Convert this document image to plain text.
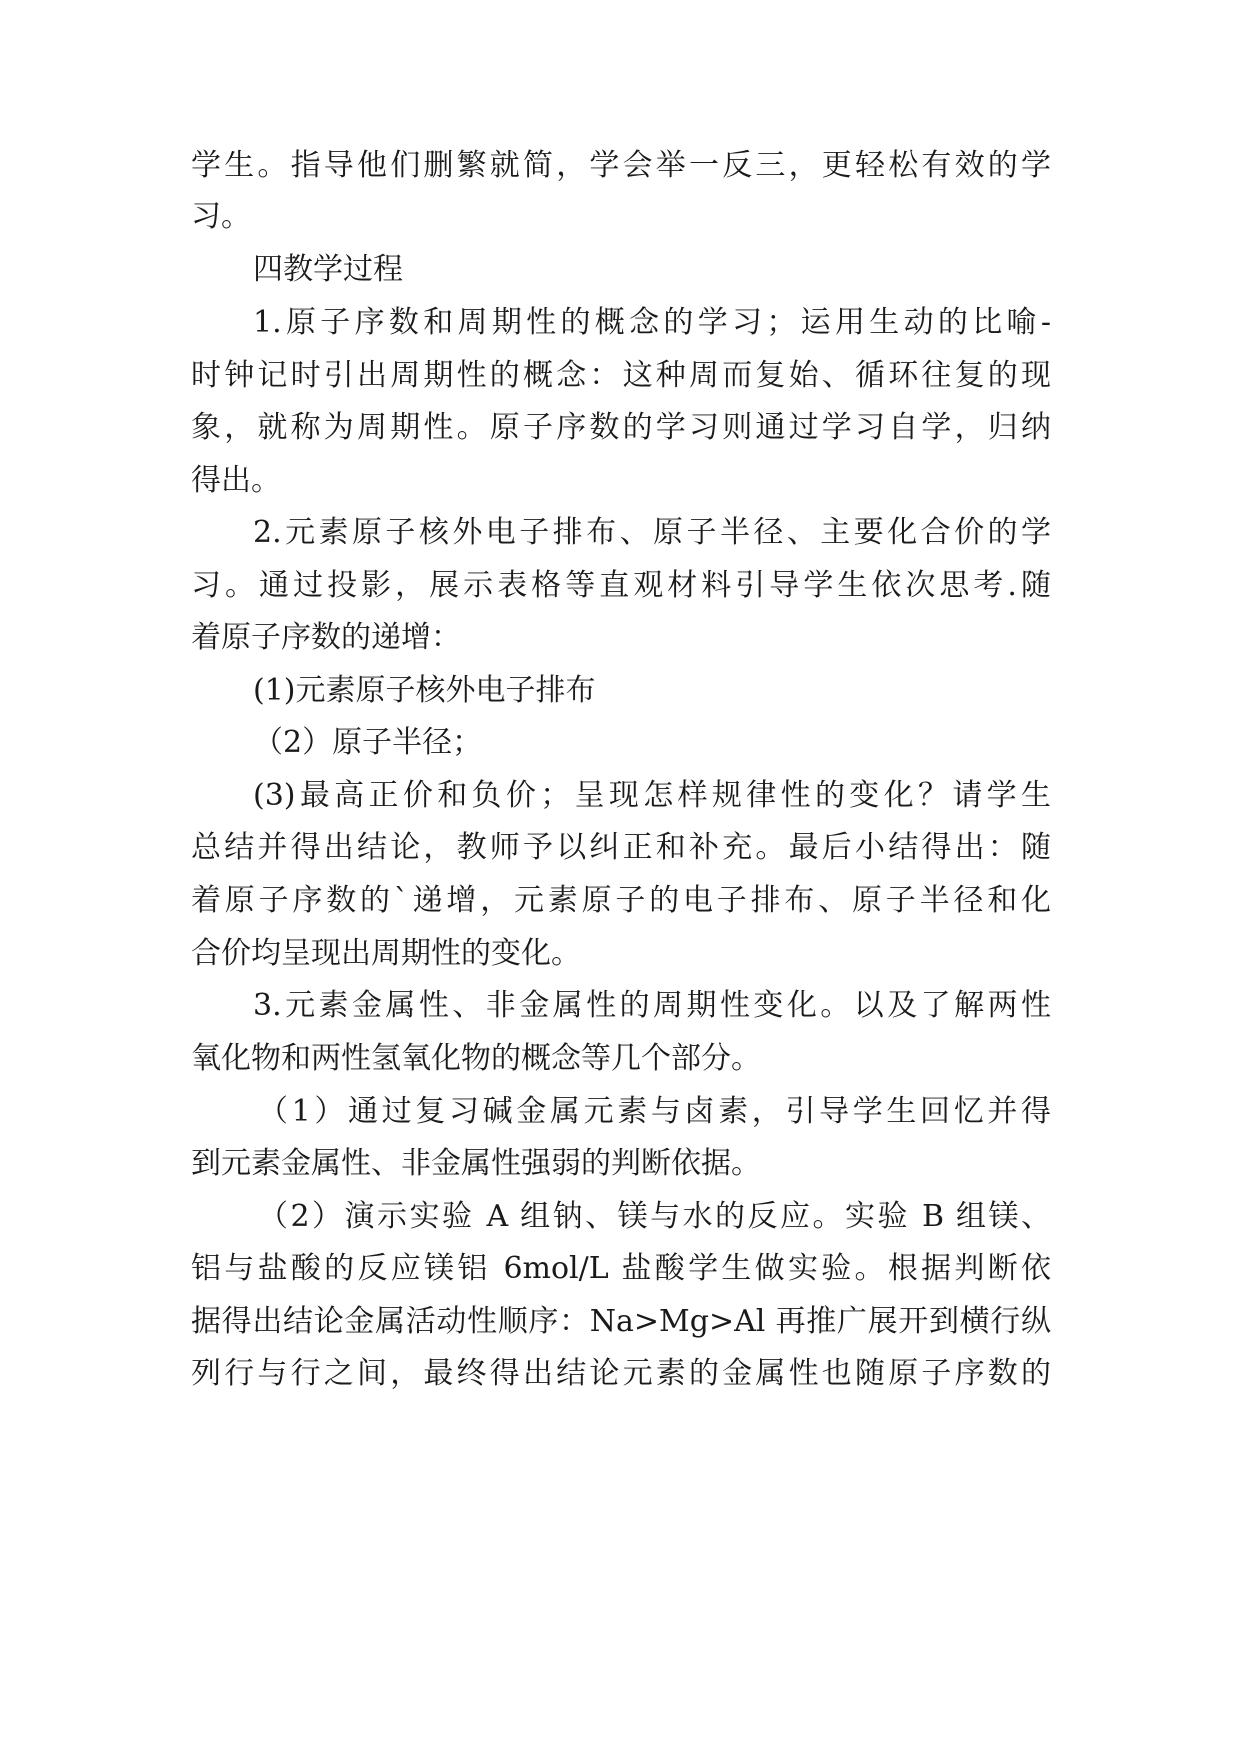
学生。指导他们删繁就简，学会举一反三，更轻松有效的学
习。
四教学过程
1.原子序数和周期性的概念的学习；运用生动的比喻-
时钟记时引出周期性的概念：这种周而复始、循环往复的现
象，就称为周期性。原子序数的学习则通过学习自学，归纳
得出。
2.元素原子核外电子排布、原子半径、主要化合价的学
习。通过投影，展示表格等直观材料引导学生依次思考.随
着原子序数的递增：
(1)元素原子核外电子排布
（2）原子半径；
(3)最高正价和负价；呈现怎样规律性的变化？请学生
总结并得出结论，教师予以纠正和补充。最后小结得出：随
着原子序数的`递增，元素原子的电子排布、原子半径和化
合价均呈现出周期性的变化。
3.元素金属性、非金属性的周期性变化。以及了解两性
氧化物和两性氢氧化物的概念等几个部分。
（1）通过复习碱金属元素与卤素，引导学生回忆并得
到元素金属性、非金属性强弱的判断依据。
（2）演示实验 A 组钠、镁与水的反应。实验 B 组镁、
铝与盐酸的反应镁铝 6mol/L 盐酸学生做实验。根据判断依
据得出结论金属活动性顺序：Na>Mg>Al 再推广展开到横行纵
列行与行之间，最终得出结论元素的金属性也随原子序数的
